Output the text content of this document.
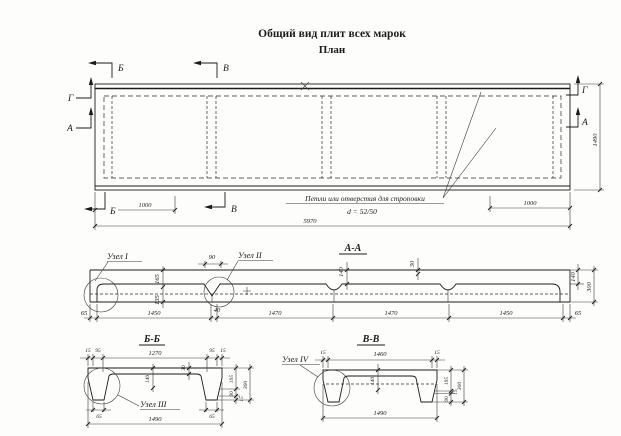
Общий вид плит всех марок
План
Б	В
Г
А
Г
А
Б	В
1000	1000
5970
1490
Петли или отверстия для строповки
d = 52/50
А-А
Узел I	Узел II
90
165
135
140
30
140
300
65	1450	40	1470	1470	1450	65
Б-Б
Узел III
15 95	1270	95 15
140
30
65	65
1490
195
90
15
300
В-В
Узел IV
15	1460	15
140
1490
195
15
90
300
